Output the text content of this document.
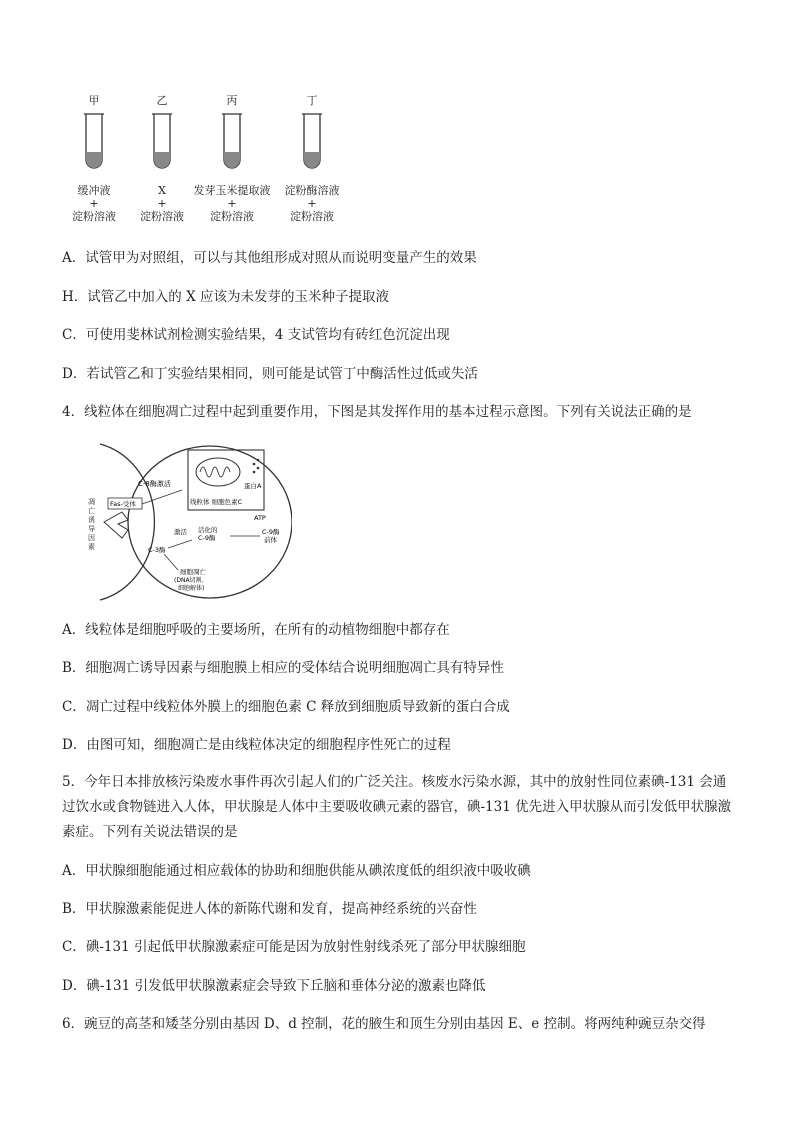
甲
缓冲液
+
淀粉溶液
乙
X
+
淀粉溶液
丙
发芽玉米提取液
+
淀粉溶液
丁
淀粉酶溶液
+
淀粉溶液
A．试管甲为对照组，可以与其他组形成对照从而说明变量产生的效果
H．试管乙中加入的 X 应该为未发芽的玉米种子提取液
C．可使用斐林试剂检测实验结果，4 支试管均有砖红色沉淀出现
D．若试管乙和丁实验结果相同，则可能是试管丁中酶活性过低或失活
4．线粒体在细胞凋亡过程中起到重要作用，下图是其发挥作用的基本过程示意图。下列有关说法正确的是
凋亡诱导因素
Fas-受体
C-8酶激活
线粒体 细胞色素C
蛋白A
ATP
C-9酶
前体
活化的
C-9酶
激活
C-3酶
细胞凋亡
(DNA切割、
细胞解体)
A．线粒体是细胞呼吸的主要场所，在所有的动植物细胞中都存在
B．细胞凋亡诱导因素与细胞膜上相应的受体结合说明细胞凋亡具有特异性
C．凋亡过程中线粒体外膜上的细胞色素 C 释放到细胞质导致新的蛋白合成
D．由图可知，细胞凋亡是由线粒体决定的细胞程序性死亡的过程
5．今年日本排放核污染废水事件再次引起人们的广泛关注。核废水污染水源，其中的放射性同位素碘-131 会通过饮水或食物链进入人体，甲状腺是人体中主要吸收碘元素的器官，碘-131 优先进入甲状腺从而引发低甲状腺激素症。下列有关说法错误的是
A．甲状腺细胞能通过相应载体的协助和细胞供能从碘浓度低的组织液中吸收碘
B．甲状腺激素能促进人体的新陈代谢和发育，提高神经系统的兴奋性
C．碘-131 引起低甲状腺激素症可能是因为放射性射线杀死了部分甲状腺细胞
D．碘-131 引发低甲状腺激素症会导致下丘脑和垂体分泌的激素也降低
6．豌豆的高茎和矮茎分别由基因 D、d 控制，花的腋生和顶生分别由基因 E、e 控制。将两纯种豌豆杂交得
